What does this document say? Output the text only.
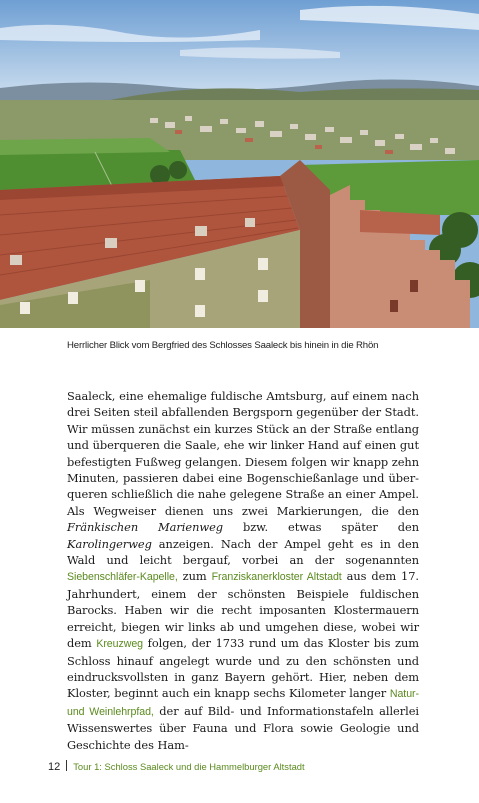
Herrlicher Blick vom Bergfried des Schlosses Saaleck bis hinein in die Rhön

Saaleck, eine ehemalige fuldische Amtsburg, auf einem nach drei Seiten steil abfallenden Bergsporn gegenüber der Stadt. Wir müssen zunächst ein kurzes Stück an der Straße entlang und überqueren die Saale, ehe wir linker Hand auf einen gut befestigten Fußweg gelangen. Diesem folgen wir knapp zehn Minuten, passieren dabei eine Bogenschießanlage und überqueren schließlich die nahe gelegene Straße an einer Ampel. Als Wegweiser dienen uns zwei Markierungen, die den Fränkischen Marienweg bzw. etwas später den Karolingerweg anzeigen. Nach der Ampel geht es in den Wald und leicht bergauf, vorbei an der sogenannten Siebenschläfer-Kapelle, zum Franziskanerkloster Altstadt aus dem 17. Jahrhundert, einem der schönsten Beispiele fuldischen Barocks. Haben wir die recht imposanten Klostermauern erreicht, biegen wir links ab und umgehen diese, wobei wir dem Kreuzweg folgen, der 1733 rund um das Kloster bis zum Schloss hinauf angelegt wurde und zu den schönsten und eindrucksvollsten in ganz Bayern gehört. Hier, neben dem Kloster, beginnt auch ein knapp sechs Kilometer langer Natur- und Weinlehrpfad, der auf Bild- und Informationstafeln allerlei Wissenswertes über Fauna und Flora sowie Geologie und Geschichte des Ham-

12 Tour 1: Schloss Saaleck und die Hammelburger Altstadt
